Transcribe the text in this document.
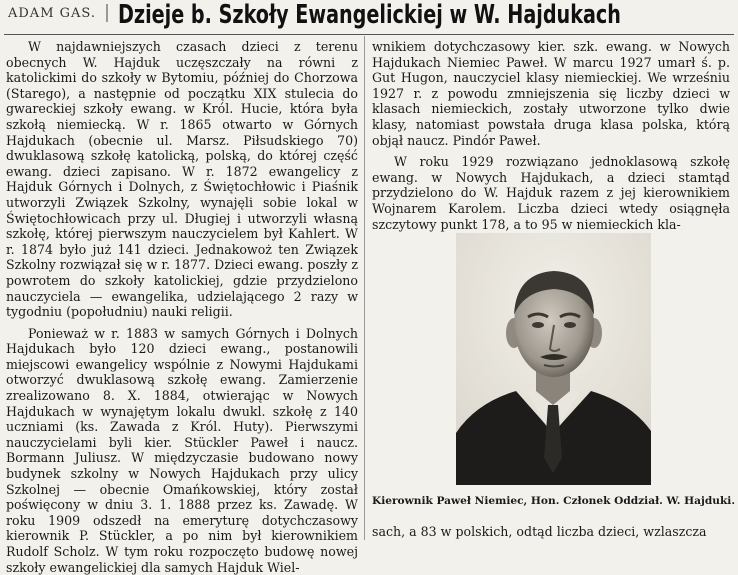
ADAM GAS. Dzieje b. Szkoły Ewangelickiej w W. Hajdukach

W najdawniejszych czasach dzieci z terenu obecnych W. Hajduk uczęszczały na równi z katolickimi do szkoły w Bytomiu, później do Chorzowa (Starego), a następnie od początku XIX stulecia do gwareckiej szkoły ewang. w Król. Hucie, która była szkołą niemiecką. W r. 1865 otwarto w Górnych Hajdukach (obecnie ul. Marsz. Piłsudskiego 70) dwuklasową szkołę katolicką, polską, do której część ewang. dzieci zapisano. W r. 1872 ewangelicy z Hajduk Górnych i Dolnych, z Świętochłowic i Piaśnik utworzyli Związek Szkolny, wynajęli sobie lokal w Świętochłowicach przy ul. Długiej i utworzyli własną szkołę, której pierwszym nauczycielem był Kahlert. W r. 1874 było już 141 dzieci. Jednakowoż ten Związek Szkolny rozwiązał się w r. 1877. Dzieci ewang. poszły z powrotem do szkoły katolickiej, gdzie przydzielono nauczyciela — ewangelika, udzielającego 2 razy w tygodniu (popołudniu) nauki religii.

Ponieważ w r. 1883 w samych Górnych i Dolnych Hajdukach było 120 dzieci ewang., postanowili miejscowi ewangelicy wspólnie z Nowymi Hajdukami otworzyć dwuklasową szkołę ewang. Zamierzenie zrealizowano 8. X. 1884, otwierając w Nowych Hajdukach w wynajętym lokalu dwukl. szkołę z 140 uczniami (ks. Zawada z Król. Huty). Pierwszymi nauczycielami byli kier. Stückler Paweł i naucz. Bormann Juliusz. W międzyczasie budowano nowy budynek szkolny w Nowych Hajdukach przy ulicy Szkolnej — obecnie Omańkowskiej, który został poświęcony w dniu 3. 1. 1888 przez ks. Zawadę. W roku 1909 odszedł na emeryturę dotychczasowy kierownik P. Stückler, a po nim był kierownikiem Rudolf Scholz. W tym roku rozpoczęto budowę nowej szkoły ewangelickiej dla samych Hajduk Wiel-

wnikiem dotychczasowy kier. szk. ewang. w Nowych Hajdukach Niemiec Paweł. W marcu 1927 umarł ś. p. Gut Hugon, nauczyciel klasy niemieckiej. We wrześniu 1927 r. z powodu zmniejszenia się liczby dzieci w klasach niemieckich, zostały utworzone tylko dwie klasy, natomiast powstała druga klasa polska, którą objął naucz. Pindór Paweł.

W roku 1929 rozwiązano jednoklasową szkołę ewang. w Nowych Hajdukach, a dzieci stamtąd przydzielono do W. Hajduk razem z jej kierownikiem Wojnarem Karolem. Liczba dzieci wtedy osiągnęła szczytowy punkt 178, a to 95 w niemieckich kla-

Kierownik Paweł Niemiec, Hon. Członek Oddział. W. Hajduki.

sach, a 83 w polskich, odtąd liczba dzieci, wzlaszcza
